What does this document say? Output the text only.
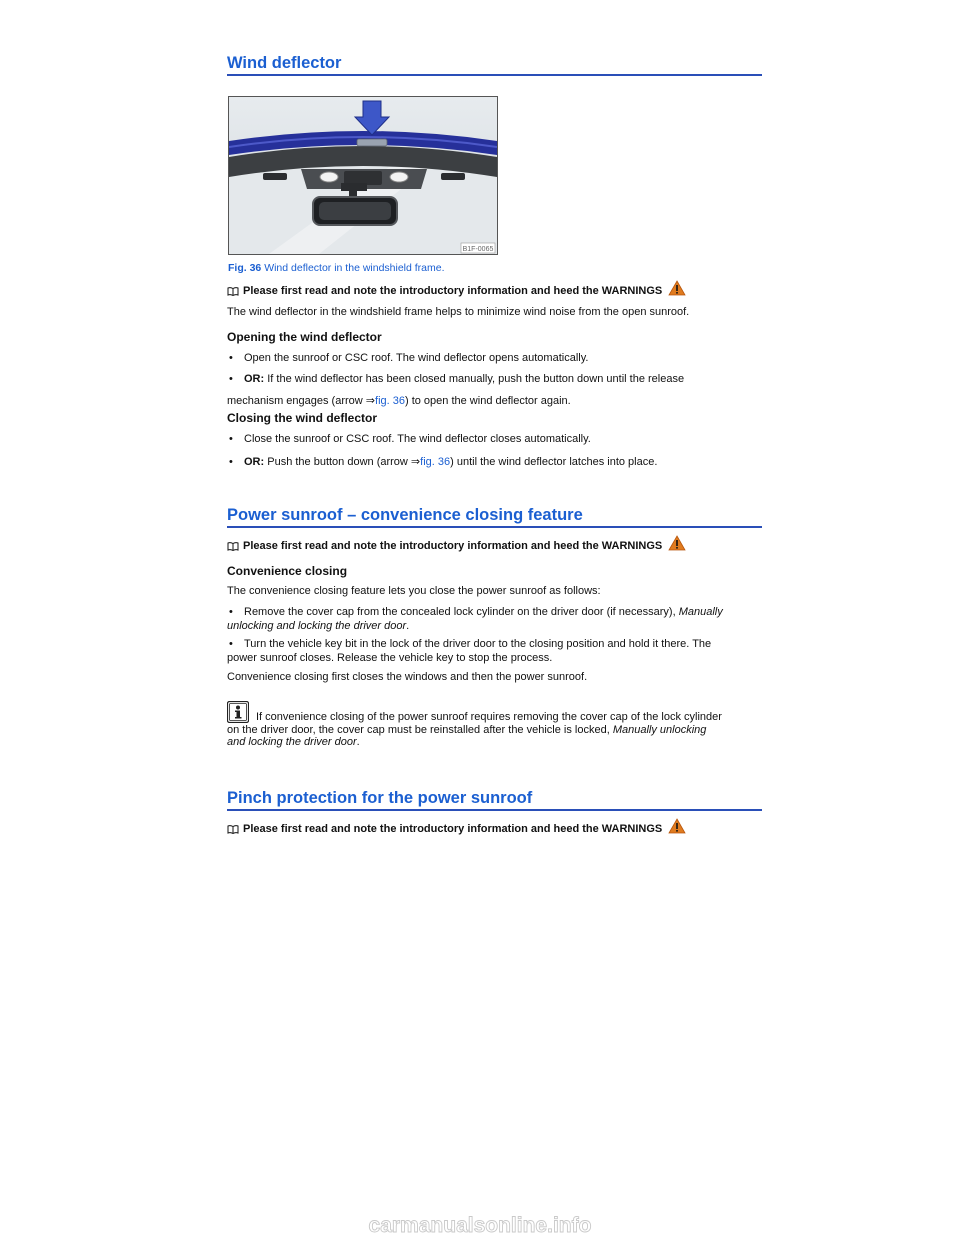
Wind deflector
B1F-0065
Fig. 36 Wind deflector in the windshield frame.
Please first read and note the introductory information and heed the WARNINGS
The wind deflector in the windshield frame helps to minimize wind noise from the open sunroof.
Opening the wind deflector
•	Open the sunroof or CSC roof. The wind deflector opens automatically.
•	OR: If the wind deflector has been closed manually, push the button down until the release
mechanism engages (arrow ⇒fig. 36) to open the wind deflector again.
Closing the wind deflector
•	Close the sunroof or CSC roof. The wind deflector closes automatically.
•	OR: Push the button down (arrow ⇒fig. 36) until the wind deflector latches into place.
Power sunroof – convenience closing feature
Please first read and note the introductory information and heed the WARNINGS
Convenience closing
The convenience closing feature lets you close the power sunroof as follows:
•	Remove the cover cap from the concealed lock cylinder on the driver door (if necessary), Manually
unlocking and locking the driver door.
•	Turn the vehicle key bit in the lock of the driver door to the closing position and hold it there. The
power sunroof closes. Release the vehicle key to stop the process.
Convenience closing first closes the windows and then the power sunroof.
If convenience closing of the power sunroof requires removing the cover cap of the lock cylinder
on the driver door, the cover cap must be reinstalled after the vehicle is locked, Manually unlocking
and locking the driver door.
Pinch protection for the power sunroof
Please first read and note the introductory information and heed the WARNINGS
carmanualsonline.info
